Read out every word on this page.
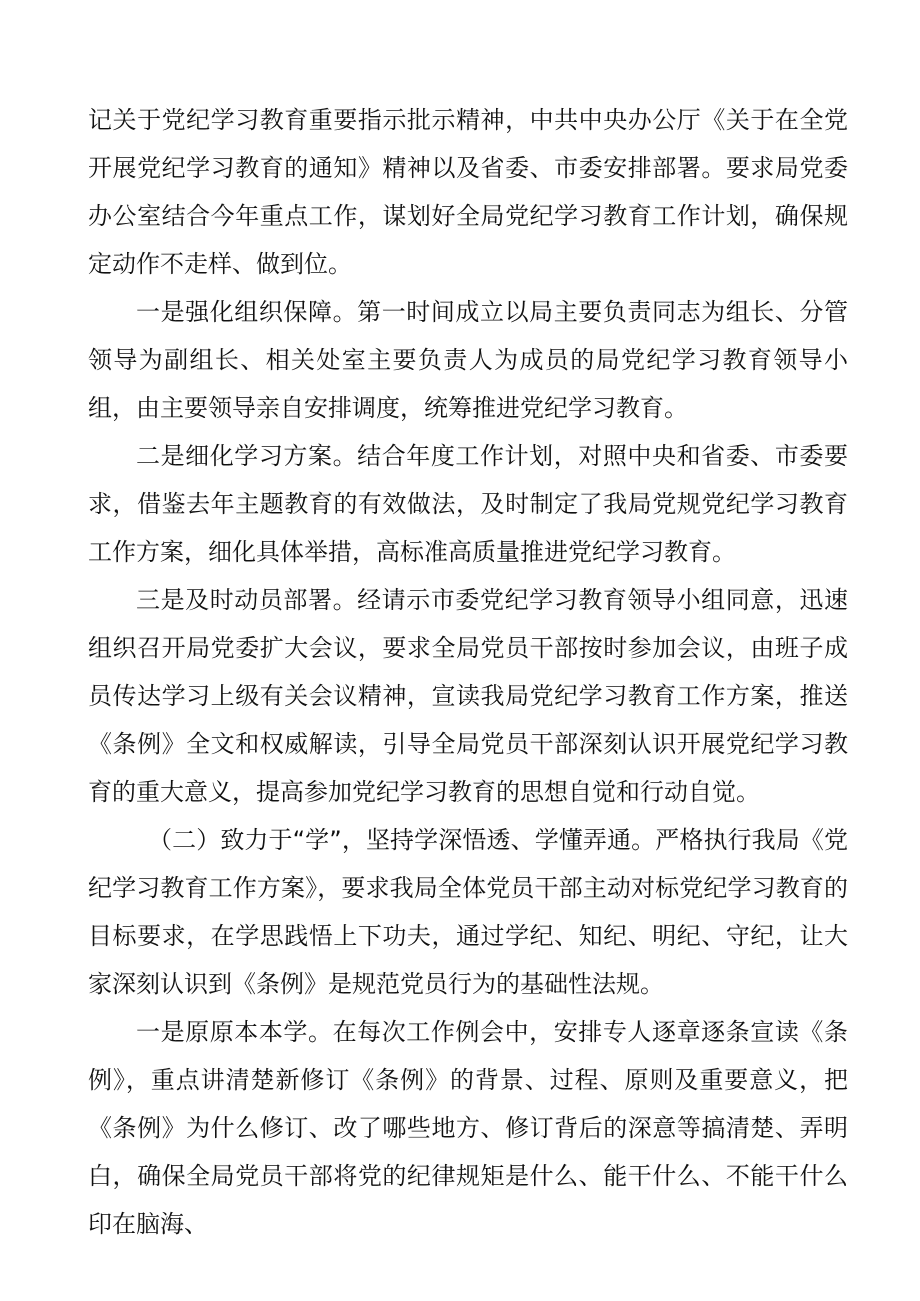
记关于党纪学习教育重要指示批示精神，中共中央办公厅《关于在全党开展党纪学习教育的通知》精神以及省委、市委安排部署。要求局党委办公室结合今年重点工作，谋划好全局党纪学习教育工作计划，确保规定动作不走样、做到位。

一是强化组织保障。第一时间成立以局主要负责同志为组长、分管领导为副组长、相关处室主要负责人为成员的局党纪学习教育领导小组，由主要领导亲自安排调度，统筹推进党纪学习教育。

二是细化学习方案。结合年度工作计划，对照中央和省委、市委要求，借鉴去年主题教育的有效做法，及时制定了我局党规党纪学习教育工作方案，细化具体举措，高标准高质量推进党纪学习教育。

三是及时动员部署。经请示市委党纪学习教育领导小组同意，迅速组织召开局党委扩大会议，要求全局党员干部按时参加会议，由班子成员传达学习上级有关会议精神，宣读我局党纪学习教育工作方案，推送《条例》全文和权威解读，引导全局党员干部深刻认识开展党纪学习教育的重大意义，提高参加党纪学习教育的思想自觉和行动自觉。

（二）致力于“学”，坚持学深悟透、学懂弄通。严格执行我局《党纪学习教育工作方案》，要求我局全体党员干部主动对标党纪学习教育的目标要求，在学思践悟上下功夫，通过学纪、知纪、明纪、守纪，让大家深刻认识到《条例》是规范党员行为的基础性法规。

一是原原本本学。在每次工作例会中，安排专人逐章逐条宣读《条例》，重点讲清楚新修订《条例》的背景、过程、原则及重要意义，把《条例》为什么修订、改了哪些地方、修订背后的深意等搞清楚、弄明白，确保全局党员干部将党的纪律规矩是什么、能干什么、不能干什么印在脑海、
